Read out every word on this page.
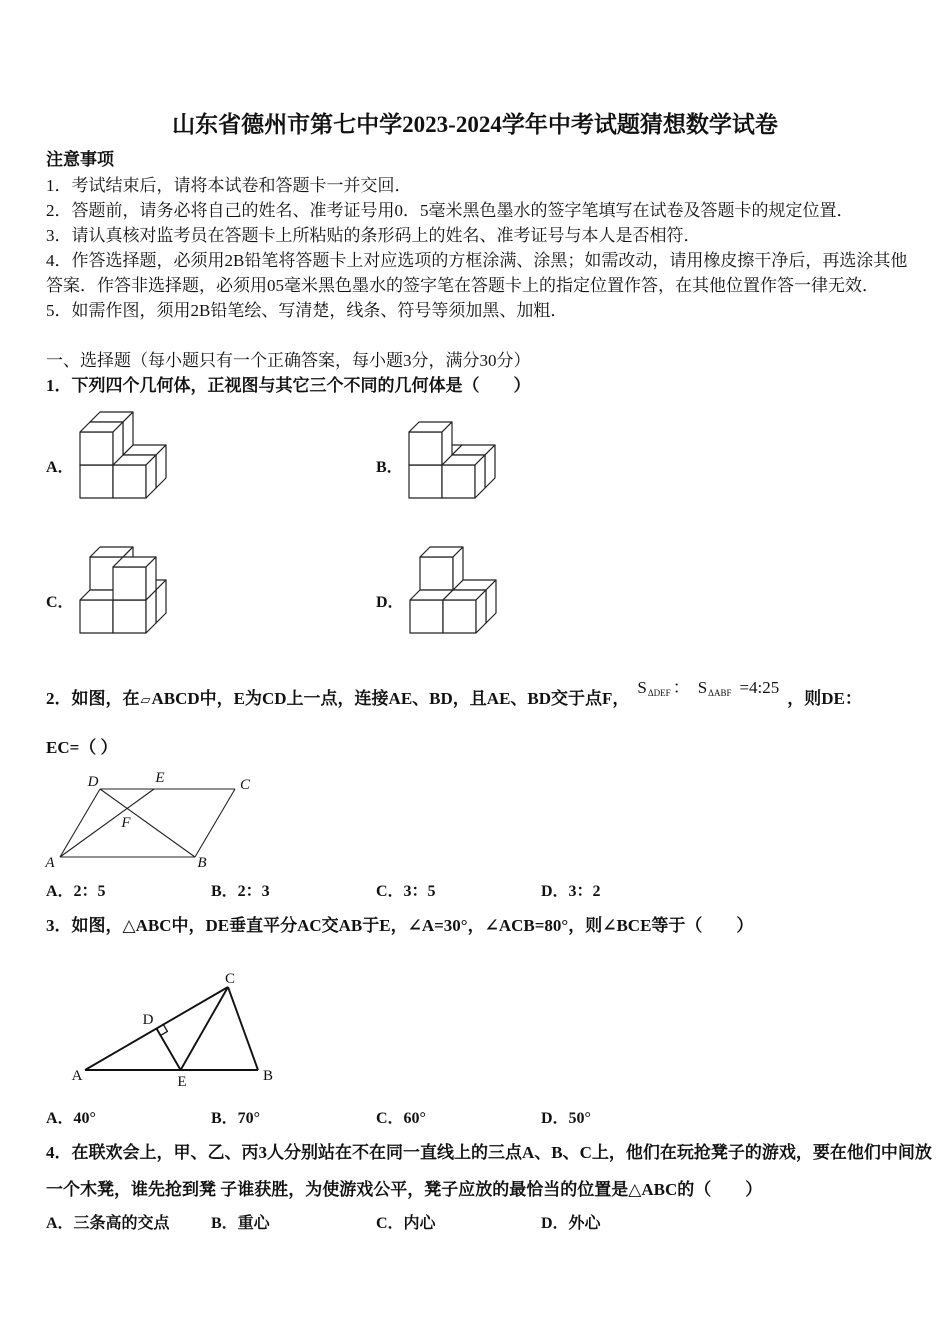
山东省德州市第七中学2023-2024学年中考试题猜想数学试卷
注意事项
1．考试结束后，请将本试卷和答题卡一并交回．
2．答题前，请务必将自己的姓名、准考证号用0．5毫米黑色墨水的签字笔填写在试卷及答题卡的规定位置．
3．请认真核对监考员在答题卡上所粘贴的条形码上的姓名、准考证号与本人是否相符．
4．作答选择题，必须用2B铅笔将答题卡上对应选项的方框涂满、涂黑；如需改动，请用橡皮擦干净后，再选涂其他
答案．作答非选择题，必须用05毫米黑色墨水的签字笔在答题卡上的指定位置作答，在其他位置作答一律无效．
5．如需作图，须用2B铅笔绘、写清楚，线条、符号等须加黑、加粗．
一、选择题（每小题只有一个正确答案，每小题3分，满分30分）
1．下列四个几何体，正视图与其它三个不同的几何体是（　　）
A．	B．
C．	D．
2．如图，在▱ABCD中，E为CD上一点，连接AE、BD，且AE、BD交于点F，SΔDEF ： SΔABF =4:25，则DE：
EC=（ ）
D	E	C
F
A	B
A．2：5	B．2：3	C．3：5	D．3：2
3．如图，△ABC中，DE垂直平分AC交AB于E，∠A=30°，∠ACB=80°，则∠BCE等于（　　）
C
D
A	E	B
A．40°	B．70°	C．60°	D．50°
4．在联欢会上，甲、乙、丙3人分别站在不在同一直线上的三点A、B、C上，他们在玩抢凳子的游戏，要在他们中间放
一个木凳，谁先抢到凳 子谁获胜，为使游戏公平，凳子应放的最恰当的位置是△ABC的（　　）
A．三条高的交点	B．重心	C．内心	D．外心
